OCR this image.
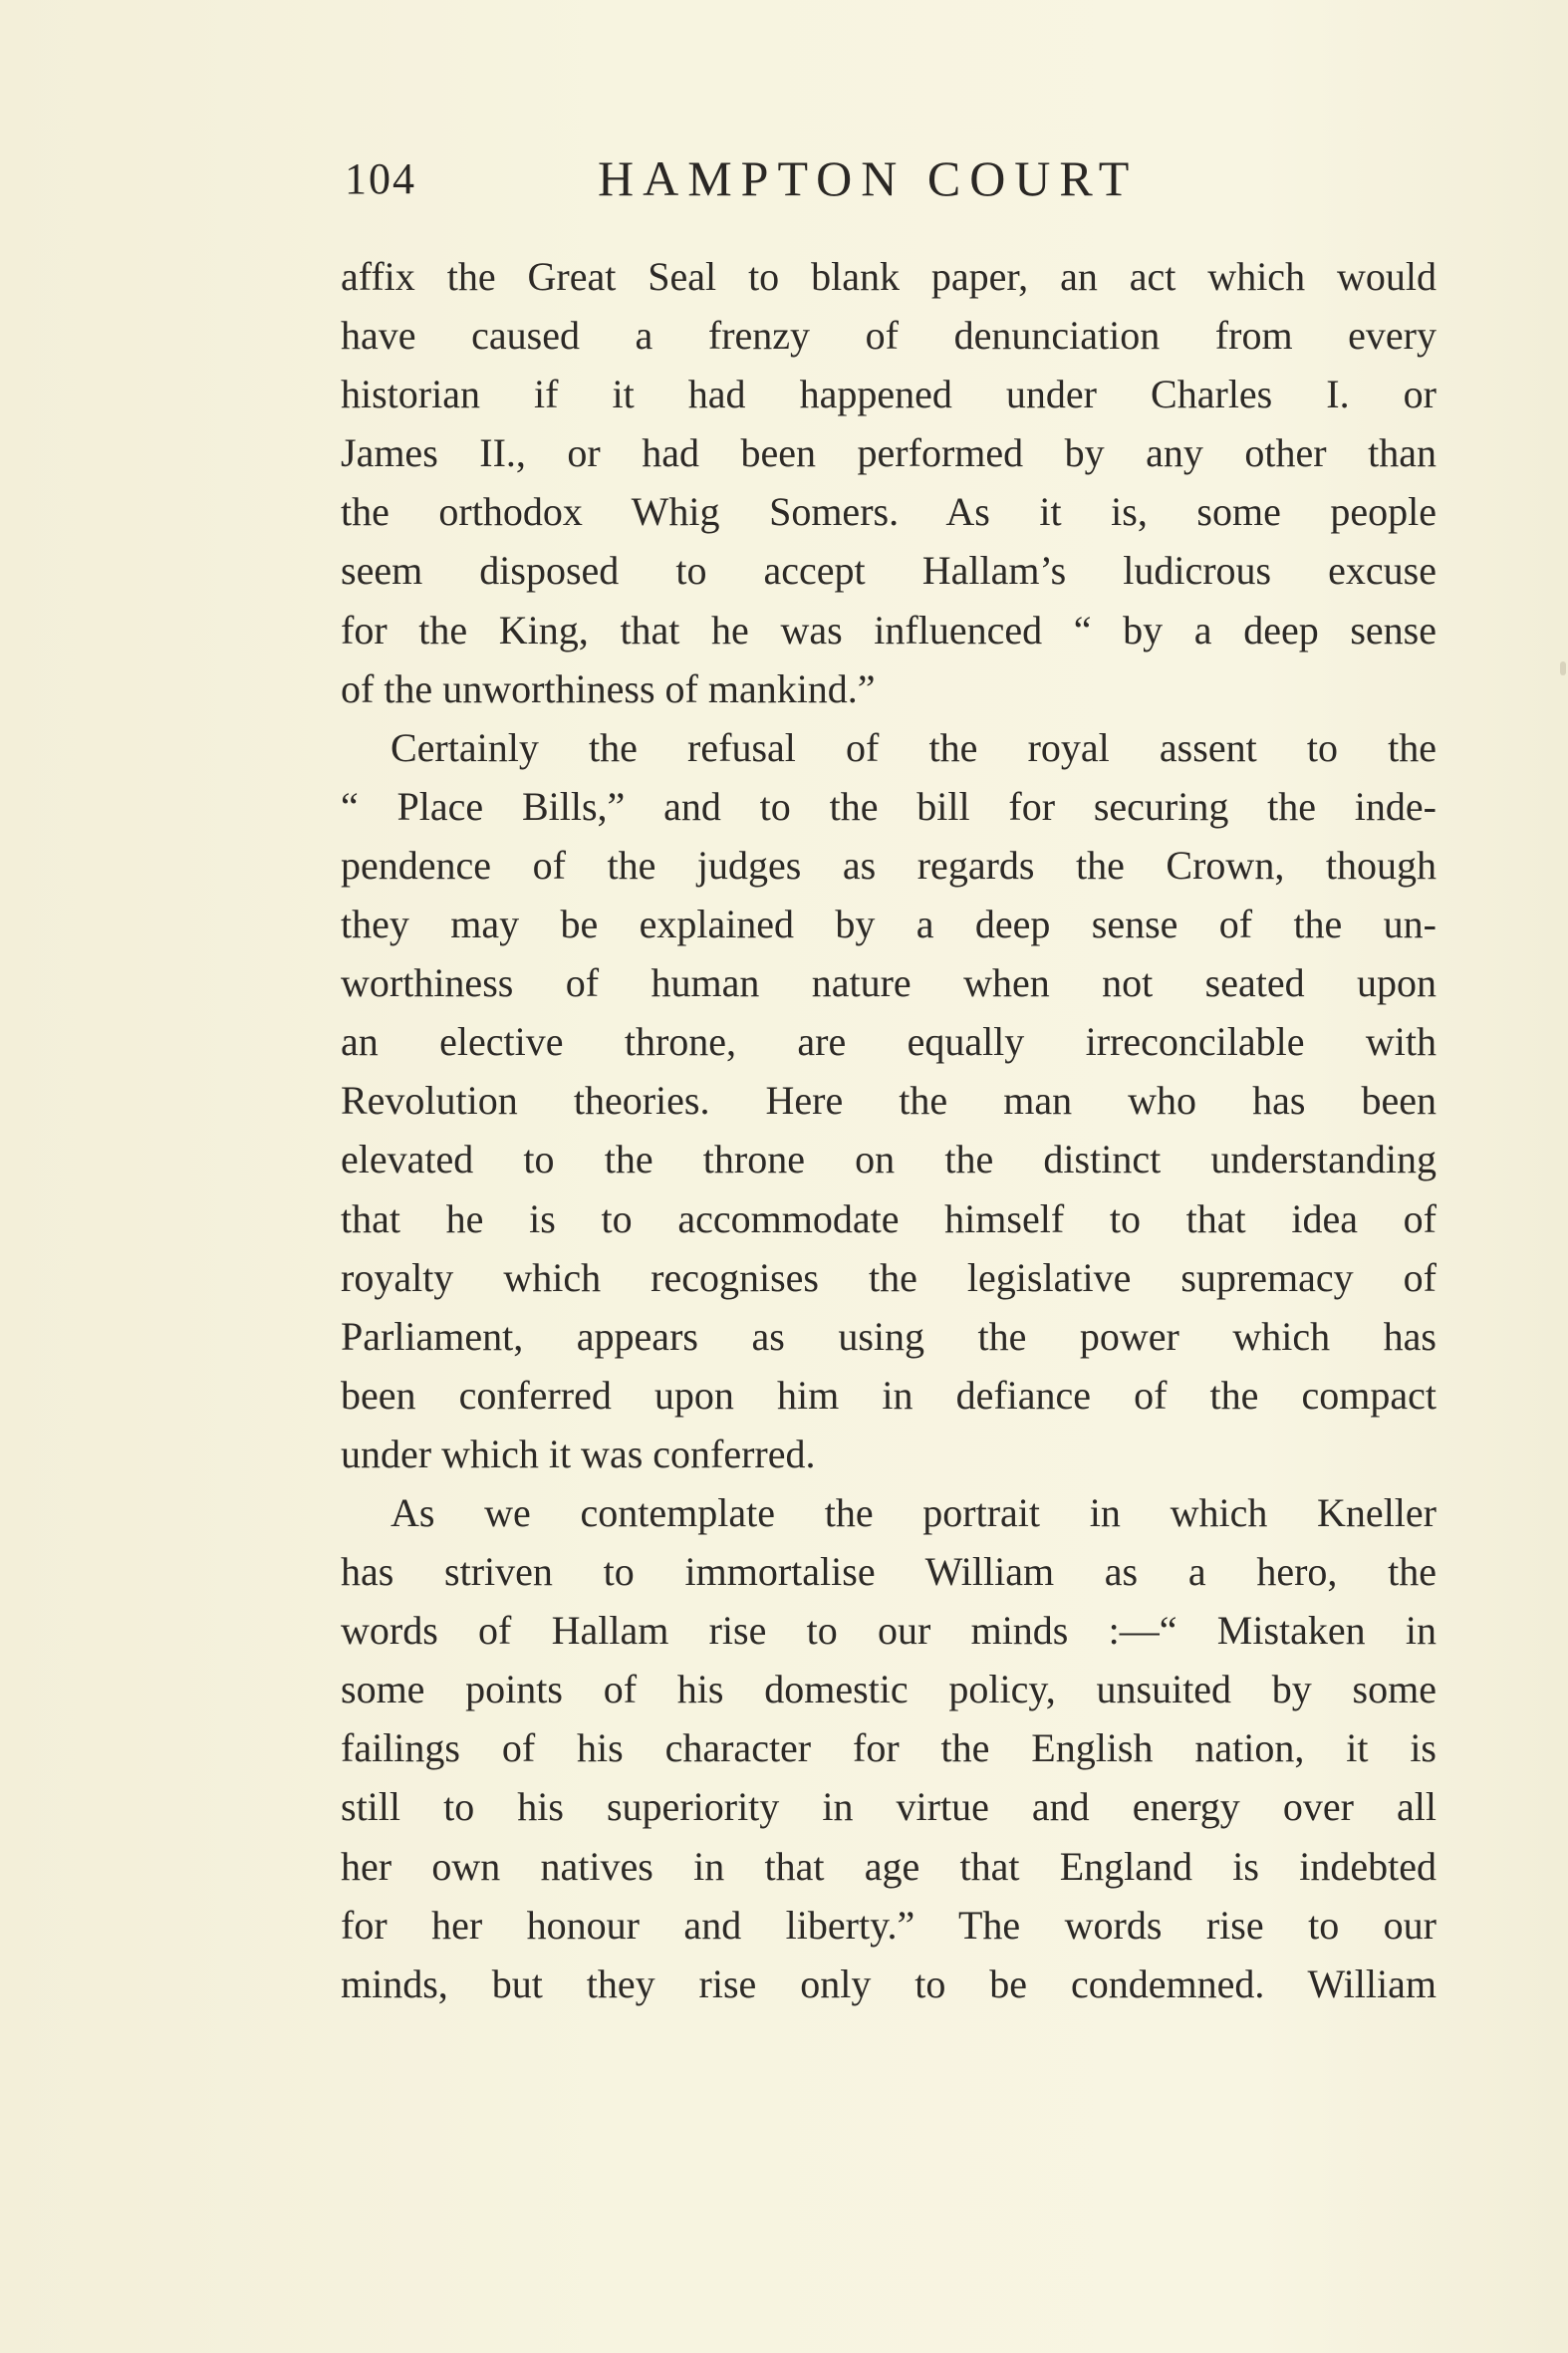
104	HAMPTON COURT
affix the Great Seal to blank paper, an act which would
have caused a frenzy of denunciation from every
historian if it had happened under Charles I. or
James II., or had been performed by any other than
the orthodox Whig Somers. As it is, some people
seem disposed to accept Hallam’s ludicrous excuse
for the King, that he was influenced “ by a deep sense
of the unworthiness of mankind.”
Certainly the refusal of the royal assent to the
“ Place Bills,” and to the bill for securing the inde-
pendence of the judges as regards the Crown, though
they may be explained by a deep sense of the un-
worthiness of human nature when not seated upon
an elective throne, are equally irreconcilable with
Revolution theories. Here the man who has been
elevated to the throne on the distinct understanding
that he is to accommodate himself to that idea of
royalty which recognises the legislative supremacy of
Parliament, appears as using the power which has
been conferred upon him in defiance of the compact
under which it was conferred.
As we contemplate the portrait in which Kneller
has striven to immortalise William as a hero, the
words of Hallam rise to our minds :—“ Mistaken in
some points of his domestic policy, unsuited by some
failings of his character for the English nation, it is
still to his superiority in virtue and energy over all
her own natives in that age that England is indebted
for her honour and liberty.” The words rise to our
minds, but they rise only to be condemned. William
